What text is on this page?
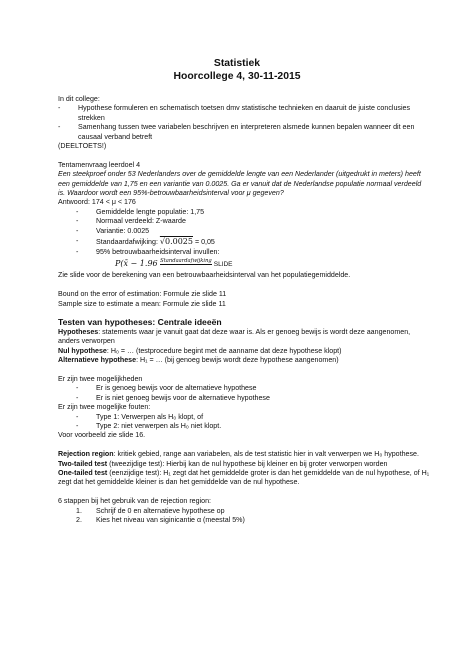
Statistiek
Hoorcollege 4, 30-11-2015

In dit college:

- Hypothese formuleren en schematisch toetsen dmv statistische technieken en daaruit de juiste conclusies strekken
- Samenhang tussen twee variabelen beschrijven en interpreteren alsmede kunnen bepalen wanneer dit een causaal verband betreft

(DEELTOETS!)

Tentamenvraag leerdoel 4

Een steekproef onder 53 Nederlanders over de gemiddelde lengte van een Nederlander (uitgedrukt in meters) heeft een gemiddelde van 1,75 en een variantie van 0.0025. Ga er vanuit dat de Nederlandse populatie normaal verdeeld is. Waardoor wordt een 95%-betrouwbaarheidsinterval voor μ gegeven?

Antwoord: 174 < μ < 176

- Gemiddelde lengte populatie: 1,75
- Normaal verdeeld: Z-waarde
- Variantie: 0.0025
- Standaardafwijking: √0.0025 = 0,05
- 95% betrouwbaarheidsinterval invullen:
P(x̄ − 1.96 Standaardafwijking SLIDE

Zie slide voor de berekening van een betrouwbaarheidsinterval van het populatiegemiddelde.

Bound on the error of estimation: Formule zie slide 11

Sample size to estimate a mean: Formule zie slide 11

Testen van hypotheses: Centrale ideeën

Hypotheses: statements waar je vanuit gaat dat deze waar is. Als er genoeg bewijs is wordt deze aangenomen, anders verworpen

Nul hypothese: H₀ = … (testprocedure begint met de aanname dat deze hypothese klopt)

Alternatieve hypothese: H₁ = … (bij genoeg bewijs wordt deze hypothese aangenomen)

Er zijn twee mogelijkheden

- Er is genoeg bewijs voor de alternatieve hypothese
- Er is niet genoeg bewijs voor de alternatieve hypothese

Er zijn twee mogelijke fouten:

- Type 1: Verwerpen als H₀ klopt, of
- Type 2: niet verwerpen als H₀ niet klopt.

Voor voorbeeld zie slide 16.

Rejection region: kritiek gebied, range aan variabelen, als de test statistic hier in valt verwerpen we H₀ hypothese.

Two-tailed test (tweezijdige test): Hierbij kan de nul hypothese bij kleiner en bij groter verworpen worden

One-tailed test (eenzijdige test): H₁ zegt dat het gemiddelde groter is dan het gemiddelde van de nul hypothese, of H₁ zegt dat het gemiddelde kleiner is dan het gemiddelde van de nul hypothese.

6 stappen bij het gebruik van de rejection region:

1. Schrijf de 0 en alternatieve hypothese op
2. Kies het niveau van siginicantie α (meestal 5%)
